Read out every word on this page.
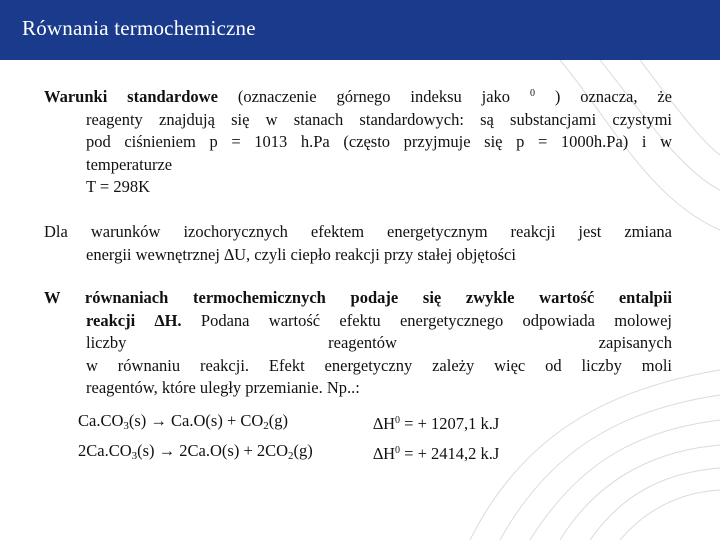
Równania termochemiczne
Warunki standardowe (oznaczenie górnego indeksu jako $^0$ ) oznacza, że
reagenty znajdują się w stanach standardowych: są substancjami czystymi
pod ciśnieniem p = 1013 h.Pa (często przyjmuje się p = 1000h.Pa) i w
temperaturze
T = 298K
Dla warunków izochorycznych efektem energetycznym reakcji jest zmiana
energii wewnętrznej ∆U, czyli ciepło reakcji przy stałej objętości
W równaniach termochemicznych podaje się zwykle wartość entalpii
reakcji ∆H. Podana wartość efektu energetycznego odpowiada molowej
liczby reagentów zapisanych
w równaniu reakcji. Efekt energetyczny zależy więc od liczby moli
reagentów, które uległy przemianie. Np..:
$Ca.CO_3(s) \to Ca.O(s) + CO_2(g)$	$\Delta H^0$ = + 1207,1 k.J
$2Ca.CO_3(s) \to 2Ca.O(s) + 2CO_2(g)$	$\Delta H^0$ = + 2414,2 k.J
